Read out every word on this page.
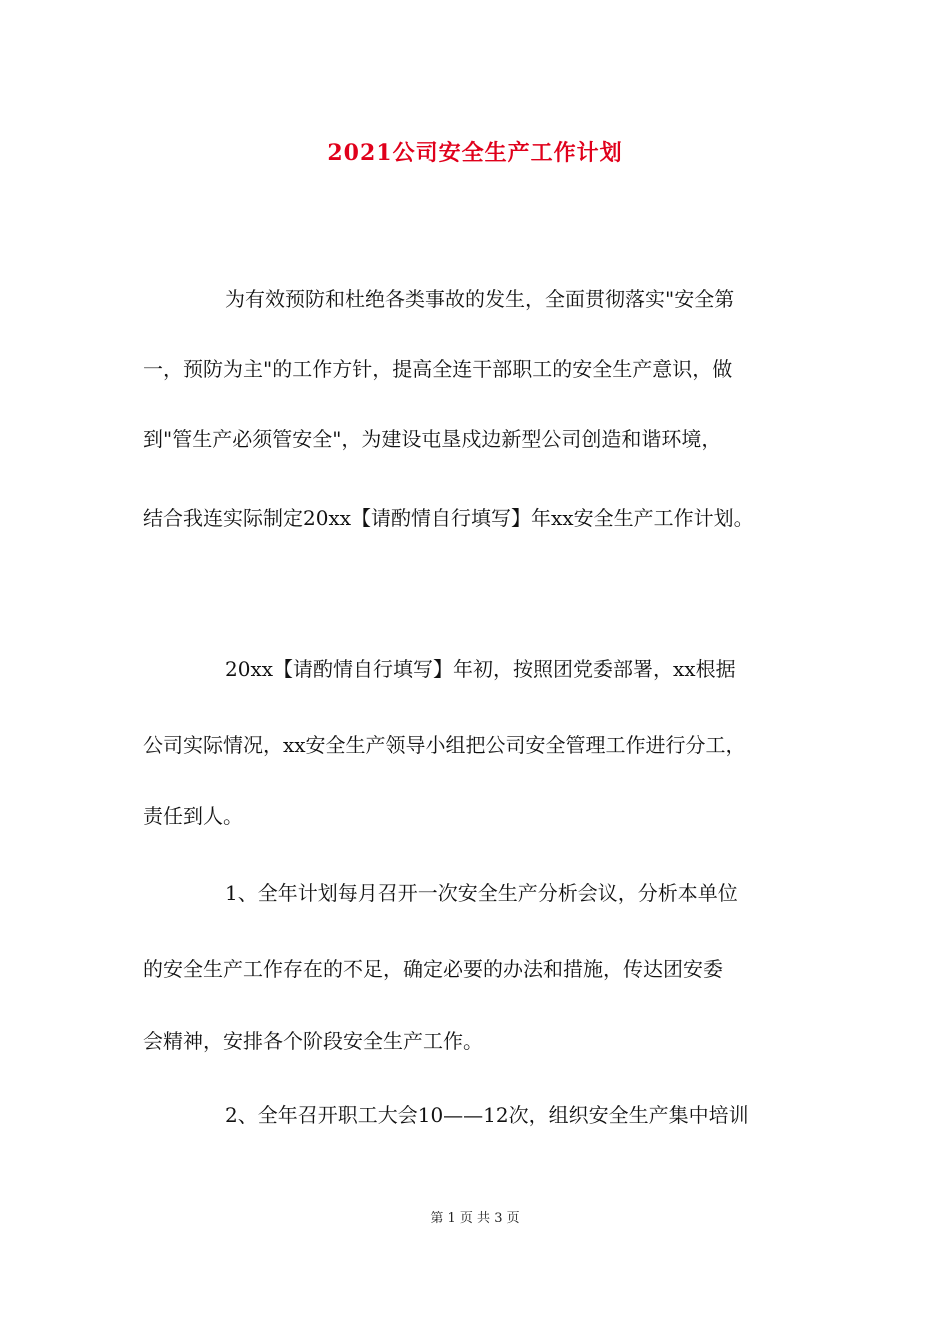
2021公司安全生产工作计划

为有效预防和杜绝各类事故的发生，全面贯彻落实"安全第

一，预防为主"的工作方针，提高全连干部职工的安全生产意识，做

到"管生产必须管安全"，为建设屯垦戍边新型公司创造和谐环境，

结合我连实际制定20xx【请酌情自行填写】年xx安全生产工作计划。

20xx【请酌情自行填写】年初，按照团党委部署，xx根据

公司实际情况，xx安全生产领导小组把公司安全管理工作进行分工，

责任到人。

1、全年计划每月召开一次安全生产分析会议，分析本单位

的安全生产工作存在的不足，确定必要的办法和措施，传达团安委

会精神，安排各个阶段安全生产工作。

2、全年召开职工大会10——12次，组织安全生产集中培训

第 1 页 共 3 页
